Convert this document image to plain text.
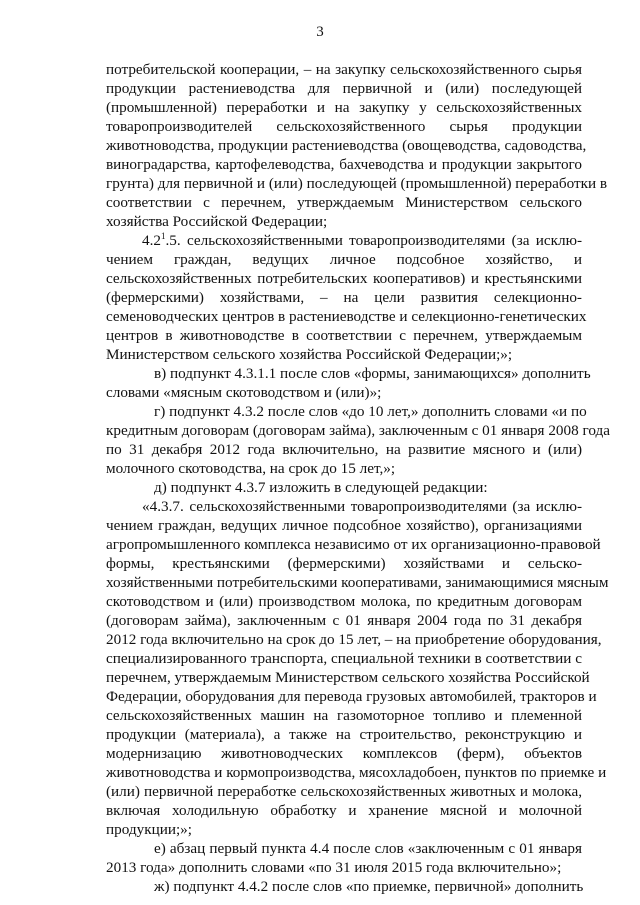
3
потребительской кооперации, – на закупку сельскохозяйственного сырья
продукции растениеводства для первичной и (или) последующей
(промышленной) переработки и на закупку у сельскохозяйственных
товаропроизводителей сельскохозяйственного сырья продукции
животноводства, продукции растениеводства (овощеводства, садоводства,
виноградарства, картофелеводства, бахчеводства и продукции закрытого
грунта) для первичной и (или) последующей (промышленной) переработки в
соответствии с перечнем, утверждаемым Министерством сельского
хозяйства Российской Федерации;
$4.2^1.5$. сельскохозяйственными товаропроизводителями (за исклю-
чением граждан, ведущих личное подсобное хозяйство, и
сельскохозяйственных потребительских кооперативов) и крестьянскими
(фермерскими) хозяйствами, – на цели развития селекционно-
семеноводческих центров в растениеводстве и селекционно-генетических
центров в животноводстве в соответствии с перечнем, утверждаемым
Министерством сельского хозяйства Российской Федерации;»;
в) подпункт 4.3.1.1 после слов «формы, занимающихся» дополнить
словами «мясным скотоводством и (или)»;
г) подпункт 4.3.2 после слов «до 10 лет,» дополнить словами «и по
кредитным договорам (договорам займа), заключенным с 01 января 2008 года
по 31 декабря 2012 года включительно, на развитие мясного и (или)
молочного скотоводства, на срок до 15 лет,»;
д) подпункт 4.3.7 изложить в следующей редакции:
«4.3.7. сельскохозяйственными товаропроизводителями (за исклю-
чением граждан, ведущих личное подсобное хозяйство), организациями
агропромышленного комплекса независимо от их организационно-правовой
формы, крестьянскими (фермерскими) хозяйствами и сельско-
хозяйственными потребительскими кооперативами, занимающимися мясным
скотоводством и (или) производством молока, по кредитным договорам
(договорам займа), заключенным с 01 января 2004 года по 31 декабря
2012 года включительно на срок до 15 лет, – на приобретение оборудования,
специализированного транспорта, специальной техники в соответствии с
перечнем, утверждаемым Министерством сельского хозяйства Российской
Федерации, оборудования для перевода грузовых автомобилей, тракторов и
сельскохозяйственных машин на газомоторное топливо и племенной
продукции (материала), а также на строительство, реконструкцию и
модернизацию животноводческих комплексов (ферм), объектов
животноводства и кормопроизводства, мясохладобоен, пунктов по приемке и
(или) первичной переработке сельскохозяйственных животных и молока,
включая холодильную обработку и хранение мясной и молочной
продукции;»;
е) абзац первый пункта 4.4 после слов «заключенным с 01 января
2013 года» дополнить словами «по 31 июля 2015 года включительно»;
ж) подпункт 4.4.2 после слов «по приемке, первичной» дополнить
